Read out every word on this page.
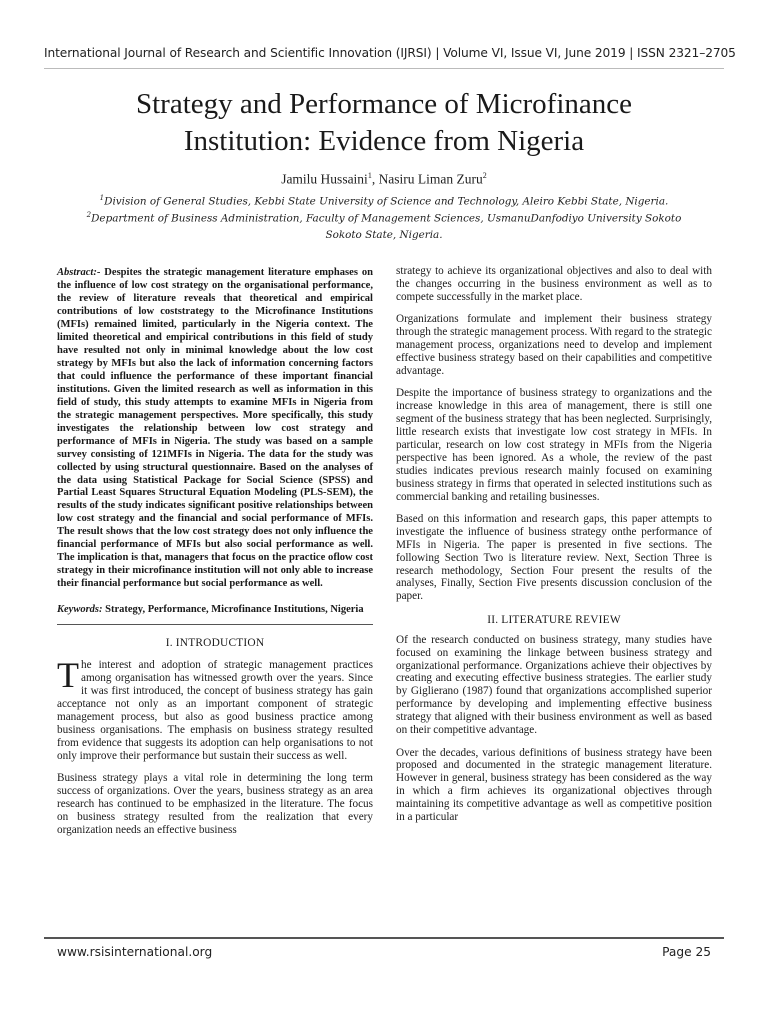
International Journal of Research and Scientific Innovation (IJRSI) | Volume VI, Issue VI, June 2019 | ISSN 2321–2705
Strategy and Performance of Microfinance
Institution: Evidence from Nigeria
Jamilu Hussaini$^1$, Nasiru Liman Zuru$^2$
$^1$Division of General Studies, Kebbi State University of Science and Technology, Aleiro Kebbi State, Nigeria.
$^2$Department of Business Administration, Faculty of Management Sciences, UsmanuDanfodiyo University Sokoto
Sokoto State, Nigeria.

Abstract:- Despites the strategic management literature emphases on the influence of low cost strategy on the organisational performance, the review of literature reveals that theoretical and empirical contributions of low coststrategy to the Microfinance Institutions (MFIs) remained limited, particularly in the Nigeria context. The limited theoretical and empirical contributions in this field of study have resulted not only in minimal knowledge about the low cost strategy by MFIs but also the lack of information concerning factors that could influence the performance of these important financial institutions. Given the limited research as well as information in this field of study, this study attempts to examine MFIs in Nigeria from the strategic management perspectives. More specifically, this study investigates the relationship between low cost strategy and performance of MFIs in Nigeria. The study was based on a sample survey consisting of 121MFIs in Nigeria. The data for the study was collected by using structural questionnaire. Based on the analyses of the data using Statistical Package for Social Science (SPSS) and Partial Least Squares Structural Equation Modeling (PLS-SEM), the results of the study indicates significant positive relationships between low cost strategy and the financial and social performance of MFIs. The result shows that the low cost strategy does not only influence the financial performance of MFIs but also social performance as well. The implication is that, managers that focus on the practice oflow cost strategy in their microfinance institution will not only able to increase their financial performance but social performance as well.

Keywords: Strategy, Performance, Microfinance Institutions, Nigeria

I. INTRODUCTION

The interest and adoption of strategic management practices among organisation has witnessed growth over the years. Since it was first introduced, the concept of business strategy has gain acceptance not only as an important component of strategic management process, but also as good business practice among business organisations. The emphasis on business strategy resulted from evidence that suggests its adoption can help organisations to not only improve their performance but sustain their success as well.

Business strategy plays a vital role in determining the long term success of organizations. Over the years, business strategy as an area research has continued to be emphasized in the literature. The focus on business strategy resulted from the realization that every organization needs an effective business

strategy to achieve its organizational objectives and also to deal with the changes occurring in the business environment as well as to compete successfully in the market place.

Organizations formulate and implement their business strategy through the strategic management process. With regard to the strategic management process, organizations need to develop and implement effective business strategy based on their capabilities and competitive advantage.

Despite the importance of business strategy to organizations and the increase knowledge in this area of management, there is still one segment of the business strategy that has been neglected. Surprisingly, little research exists that investigate low cost strategy in MFIs. In particular, research on low cost strategy in MFIs from the Nigeria perspective has been ignored. As a whole, the review of the past studies indicates previous research mainly focused on examining business strategy in firms that operated in selected institutions such as commercial banking and retailing businesses.

Based on this information and research gaps, this paper attempts to investigate the influence of business strategy onthe performance of MFIs in Nigeria. The paper is presented in five sections. The following Section Two is literature review. Next, Section Three is research methodology, Section Four present the results of the analyses, Finally, Section Five presents discussion conclusion of the paper.

II. LITERATURE REVIEW

Of the research conducted on business strategy, many studies have focused on examining the linkage between business strategy and organizational performance. Organizations achieve their objectives by creating and executing effective business strategies. The earlier study by Giglierano (1987) found that organizations accomplished superior performance by developing and implementing effective business strategy that aligned with their business environment as well as based on their competitive advantage.

Over the decades, various definitions of business strategy have been proposed and documented in the strategic management literature. However in general, business strategy has been considered as the way in which a firm achieves its organizational objectives through maintaining its competitive advantage as well as competitive position in a particular

www.rsisinternational.org	Page 25
